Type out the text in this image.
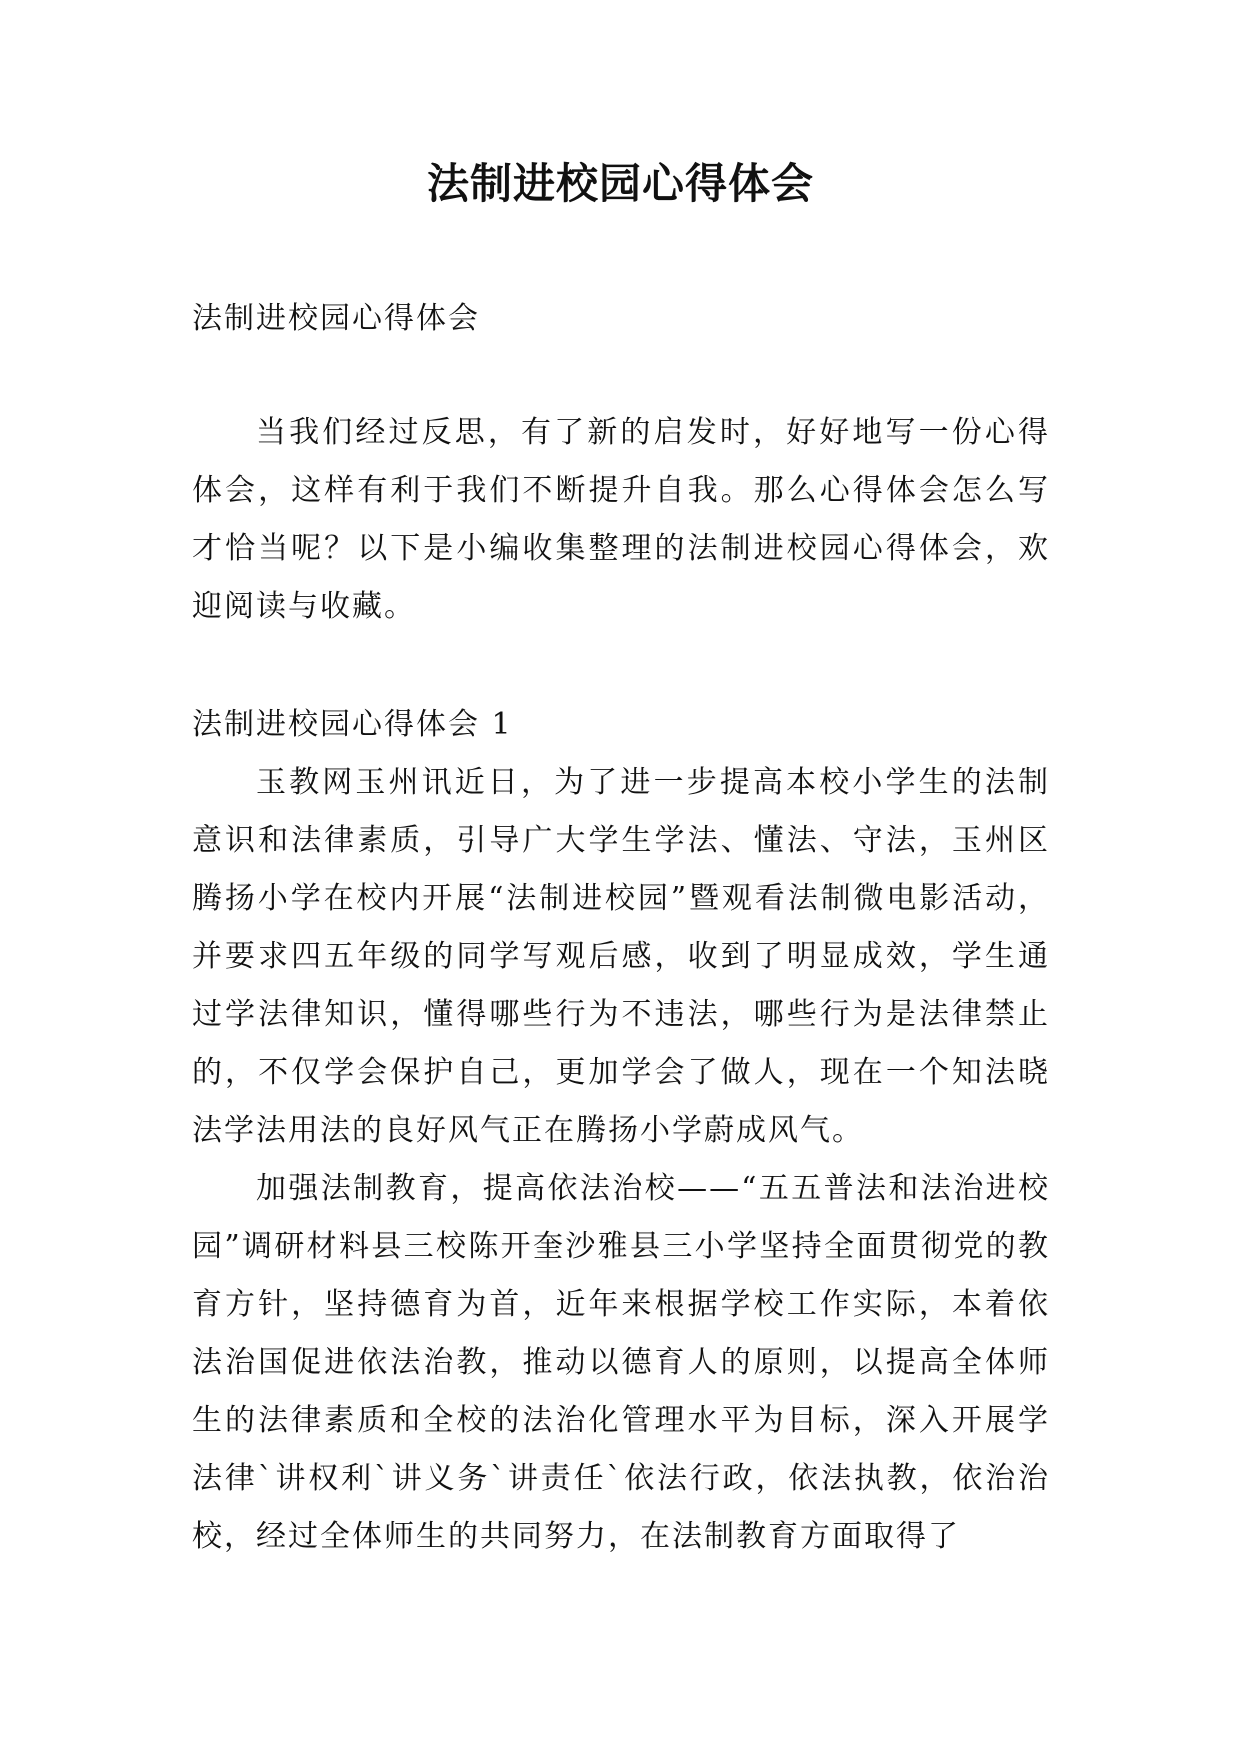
法制进校园心得体会
法制进校园心得体会

当我们经过反思，有了新的启发时，好好地写一份心得体会，这样有利于我们不断提升自我。那么心得体会怎么写才恰当呢？以下是小编收集整理的法制进校园心得体会，欢迎阅读与收藏。

法制进校园心得体会 1

玉教网玉州讯近日，为了进一步提高本校小学生的法制意识和法律素质，引导广大学生学法、懂法、守法，玉州区腾扬小学在校内开展“法制进校园”暨观看法制微电影活动，并要求四五年级的同学写观后感，收到了明显成效，学生通过学法律知识，懂得哪些行为不违法，哪些行为是法律禁止的，不仅学会保护自己，更加学会了做人，现在一个知法晓法学法用法的良好风气正在腾扬小学蔚成风气。

加强法制教育，提高依法治校——“五五普法和法治进校园”调研材料县三校陈开奎沙雅县三小学坚持全面贯彻党的教育方针，坚持德育为首，近年来根据学校工作实际，本着依法治国促进依法治教，推动以德育人的原则，以提高全体师生的法律素质和全校的法治化管理水平为目标，深入开展学法律`讲权利`讲义务`讲责任`依法行政，依法执教，依治治校，经过全体师生的共同努力，在法制教育方面取得了
